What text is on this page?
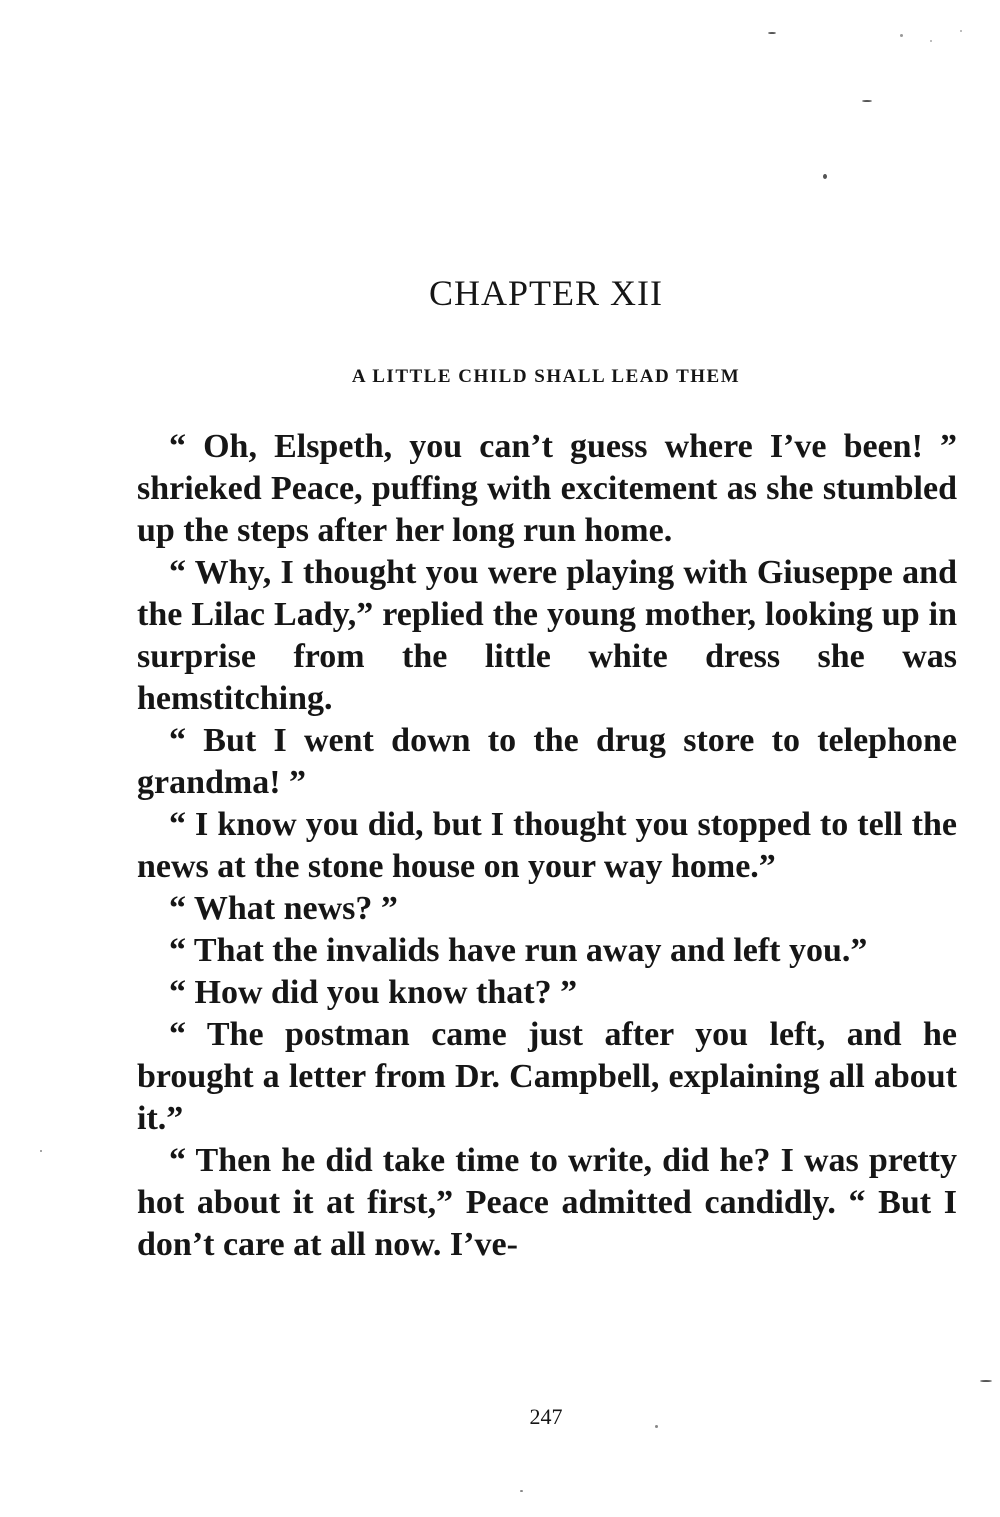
CHAPTER XII
A LITTLE CHILD SHALL LEAD THEM

“ Oh, Elspeth, you can’t guess where I’ve been! ” shrieked Peace, puffing with excitement as she stumbled up the steps after her long run home.

“ Why, I thought you were playing with Giuseppe and the Lilac Lady,” replied the young mother, looking up in surprise from the little white dress she was hemstitching.

“ But I went down to the drug store to telephone grandma! ”

“ I know you did, but I thought you stopped to tell the news at the stone house on your way home.”

“ What news? ”

“ That the invalids have run away and left you.”

“ How did you know that? ”

“ The postman came just after you left, and he brought a letter from Dr. Campbell, explaining all about it.”

“ Then he did take time to write, did he? I was pretty hot about it at first,” Peace admitted candidly. “ But I don’t care at all now. I’ve-

247
